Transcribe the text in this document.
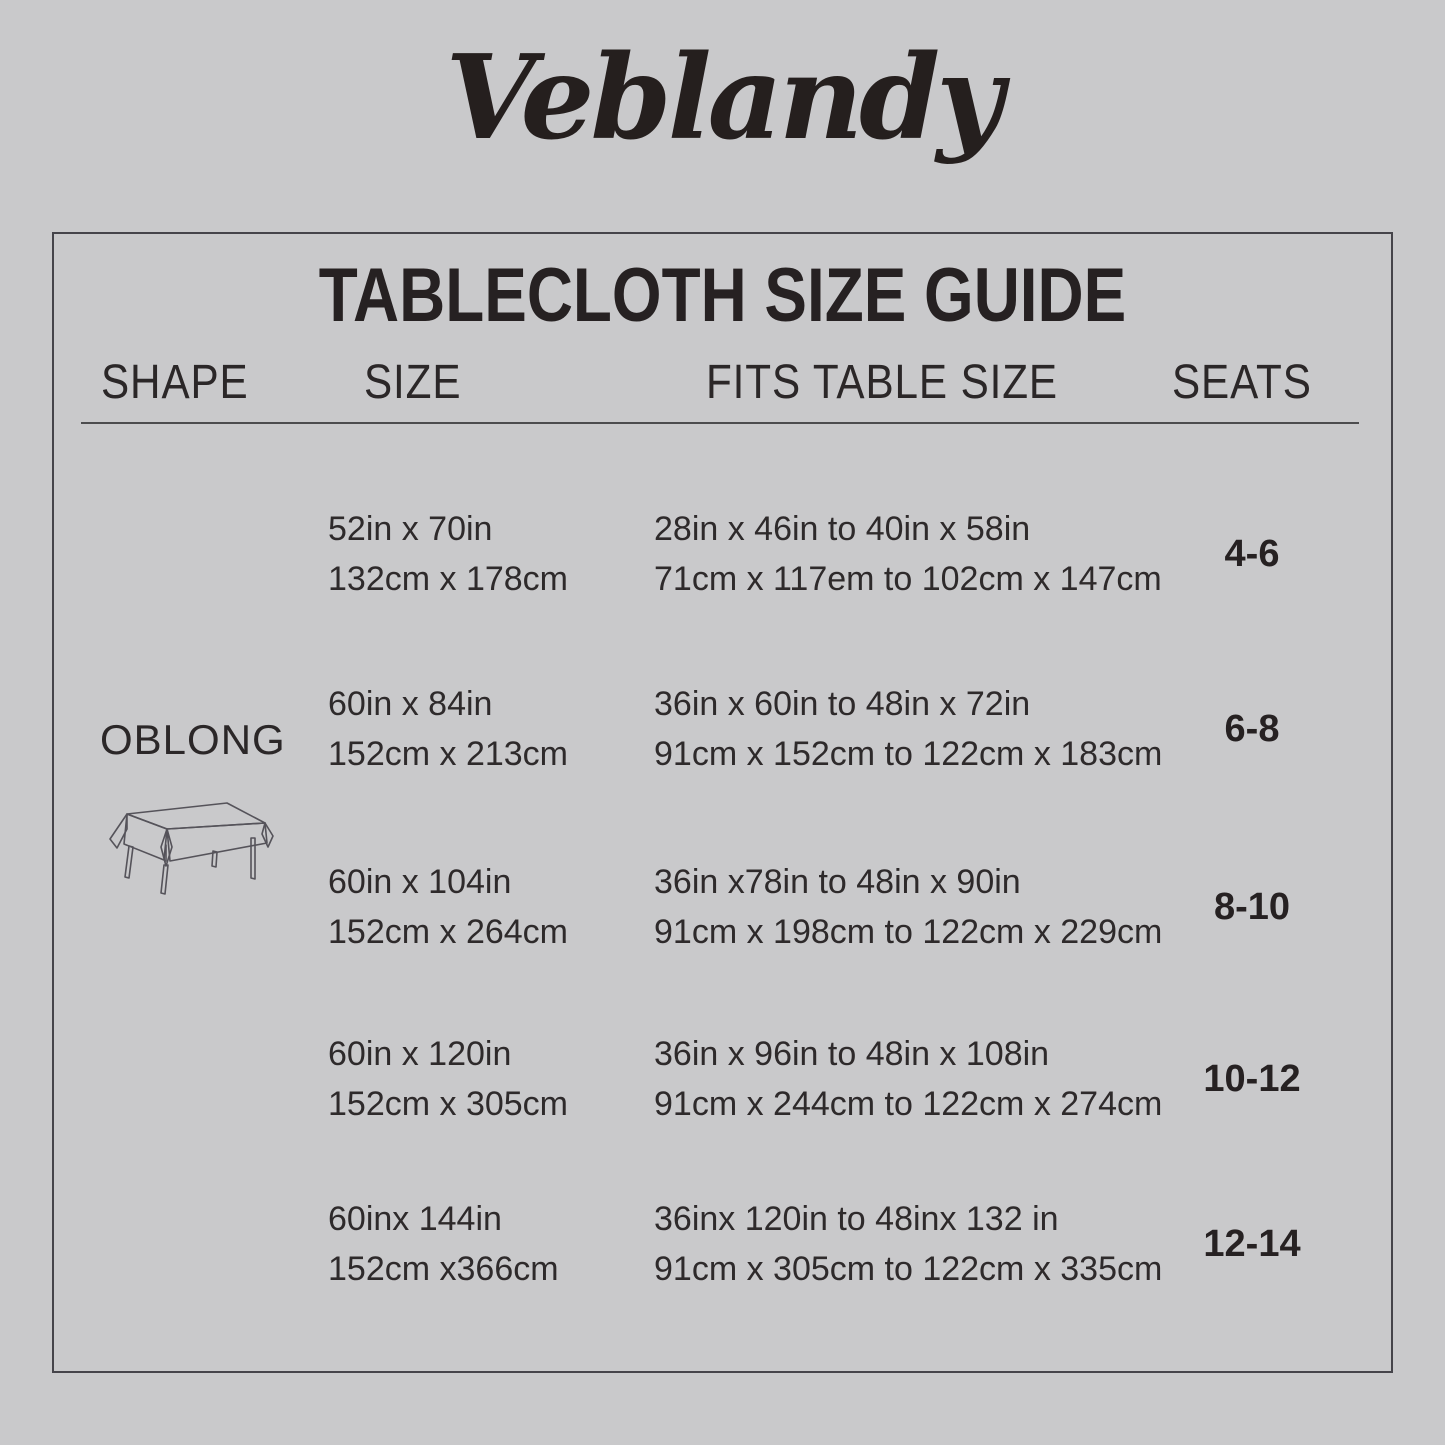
Veblandy
TABLECLOTH SIZE GUIDE
SHAPE SIZE	FITS TABLE SIZE SEATS
OBLONG
52in x 70in
132cm x 178cm
28in x 46in to 40in x 58in
71cm x 117em to 102cm x 147cm
4-6
60in x 84in
152cm x 213cm
36in x 60in to 48in x 72in
91cm x 152cm to 122cm x 183cm
6-8
60in x 104in
152cm x 264cm
36in x78in to 48in x 90in
91cm x 198cm to 122cm x 229cm
8-10
60in x 120in
152cm x 305cm
36in x 96in to 48in x 108in
91cm x 244cm to 122cm x 274cm
10-12
60inx 144in
152cm x366cm
36inx 120in to 48inx 132 in
91cm x 305cm to 122cm x 335cm
12-14
